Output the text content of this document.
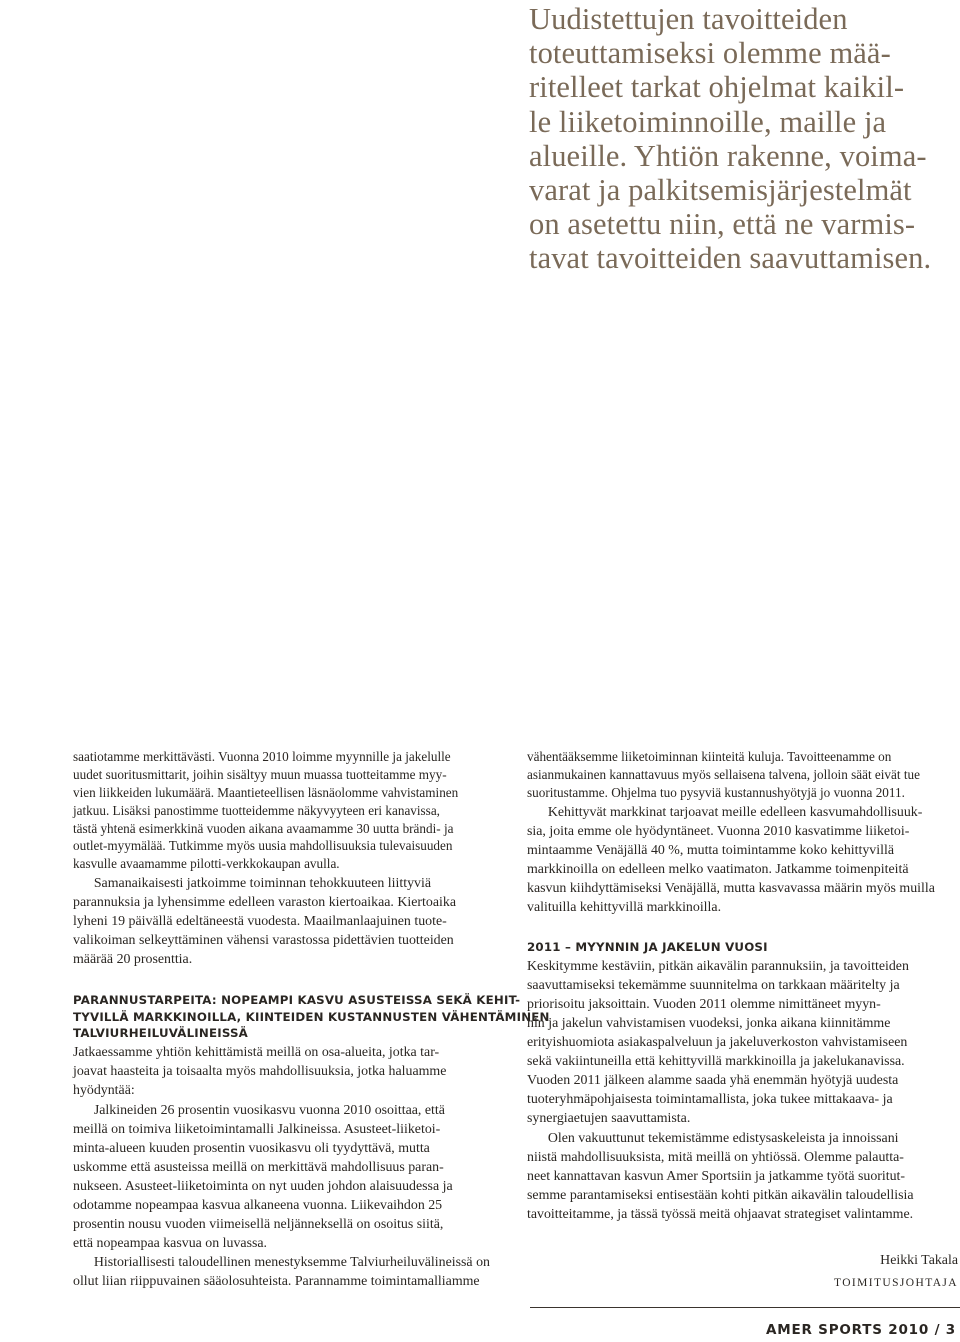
Uudistettujen tavoitteiden
toteuttamiseksi olemme mää-
ritelleet tarkat ohjelmat kaikil-
le liiketoiminnoille, maille ja
alueille. Yhtiön rakenne, voima-
varat ja palkitsemisjärjestelmät
on asetettu niin, että ne varmis-
tavat tavoitteiden saavuttamisen.
saatiotamme merkittävästi. Vuonna 2010 loimme myynnille ja jakelulle
uudet suoritusmittarit, joihin sisältyy muun muassa tuotteitamme myy-
vien liikkeiden lukumäärä. Maantieteellisen läsnäolomme vahvistaminen
jatkuu. Lisäksi panostimme tuotteidemme näkyvyyteen eri kanavissa,
tästä yhtenä esimerkkinä vuoden aikana avaamamme 30 uutta brändi- ja
outlet-myymälää. Tutkimme myös uusia mahdollisuuksia tulevaisuuden
kasvulle avaamamme pilotti-verkkokaupan avulla.
  Samanaikaisesti jatkoimme toiminnan tehokkuuteen liittyviä
parannuksia ja lyhensimme edelleen varaston kiertoaikaa. Kiertoaika
lyheni 19 päivällä edeltäneestä vuodesta. Maailmanlaajuinen tuote-
valikoiman selkeyttäminen vähensi varastossa pidettävien tuotteiden
määrää 20 prosenttia.
PARANNUSTARPEITA: NOPEAMPI KASVU ASUSTEISSA SEKÄ KEHIT-
TYVILLÄ MARKKINOILLA, KIINTEIDEN KUSTANNUSTEN VÄHENTÄMINEN
TALVIURHEILUVÄLINEISSÄ
Jatkaessamme yhtiön kehittämistä meillä on osa-alueita, jotka tar-
joavat haasteita ja toisaalta myös mahdollisuuksia, jotka haluamme
hyödyntää:
  Jalkineiden 26 prosentin vuosikasvu vuonna 2010 osoittaa, että
meillä on toimiva liiketoimintamalli Jalkineissa. Asusteet-liiketoi-
minta-alueen kuuden prosentin vuosikasvu oli tyydyttävä, mutta
uskomme että asusteissa meillä on merkittävä mahdollisuus paran-
nukseen. Asusteet-liiketoiminta on nyt uuden johdon alaisuudessa ja
odotamme nopeampaa kasvua alkaneena vuonna. Liikevaihdon 25
prosentin nousu vuoden viimeisellä neljänneksellä on osoitus siitä,
että nopeampaa kasvua on luvassa.
  Historiallisesti taloudellinen menestyksemme Talviurheiluvälineissä on
ollut liian riippuvainen sääolosuhteista. Parannamme toimintamalliamme
vähentääksemme liiketoiminnan kiinteitä kuluja. Tavoitteenamme on
asianmukainen kannattavuus myös sellaisena talvena, jolloin säät eivät tue
suoritustamme. Ohjelma tuo pysyviä kustannushyötyjä jo vuonna 2011.
  Kehittyvät markkinat tarjoavat meille edelleen kasvumahdollisuuk-
sia, joita emme ole hyödyntäneet. Vuonna 2010 kasvatimme liiketoi-
mintaamme Venäjällä 40 %, mutta toimintamme koko kehittyvillä
markkinoilla on edelleen melko vaatimaton. Jatkamme toimenpiteitä
kasvun kiihdyttämiseksi Venäjällä, mutta kasvavassa määrin myös muilla
valituilla kehittyvillä markkinoilla.
2011 – MYYNNIN JA JAKELUN VUOSI
Keskitymme kestäviin, pitkän aikavälin parannuksiin, ja tavoitteiden
saavuttamiseksi tekemämme suunnitelma on tarkkaan määritelty ja
priorisoitu jaksoittain. Vuoden 2011 olemme nimittäneet myyn-
nin ja jakelun vahvistamisen vuodeksi, jonka aikana kiinnitämme
erityishuomiota asiakaspalveluun ja jakeluverkoston vahvistamiseen
sekä vakiintuneilla että kehittyvillä markkinoilla ja jakelukanavissa.
Vuoden 2011 jälkeen alamme saada yhä enemmän hyötyjä uudesta
tuoteryhmäpohjaisesta toimintamallista, joka tukee mittakaava- ja
synergiaetujen saavuttamista.
  Olen vakuuttunut tekemistämme edistysaskeleista ja innoissani
niistä mahdollisuuksista, mitä meillä on yhtiössä. Olemme palautta-
neet kannattavan kasvun Amer Sportsiin ja jatkamme työtä suoritut-
semme parantamiseksi entisestään kohti pitkän aikavälin taloudellisia
tavoitteitamme, ja tässä työssä meitä ohjaavat strategiset valintamme.
Heikki Takala
TOIMITUSJOHTAJA
AMER SPORTS 2010 / 3
